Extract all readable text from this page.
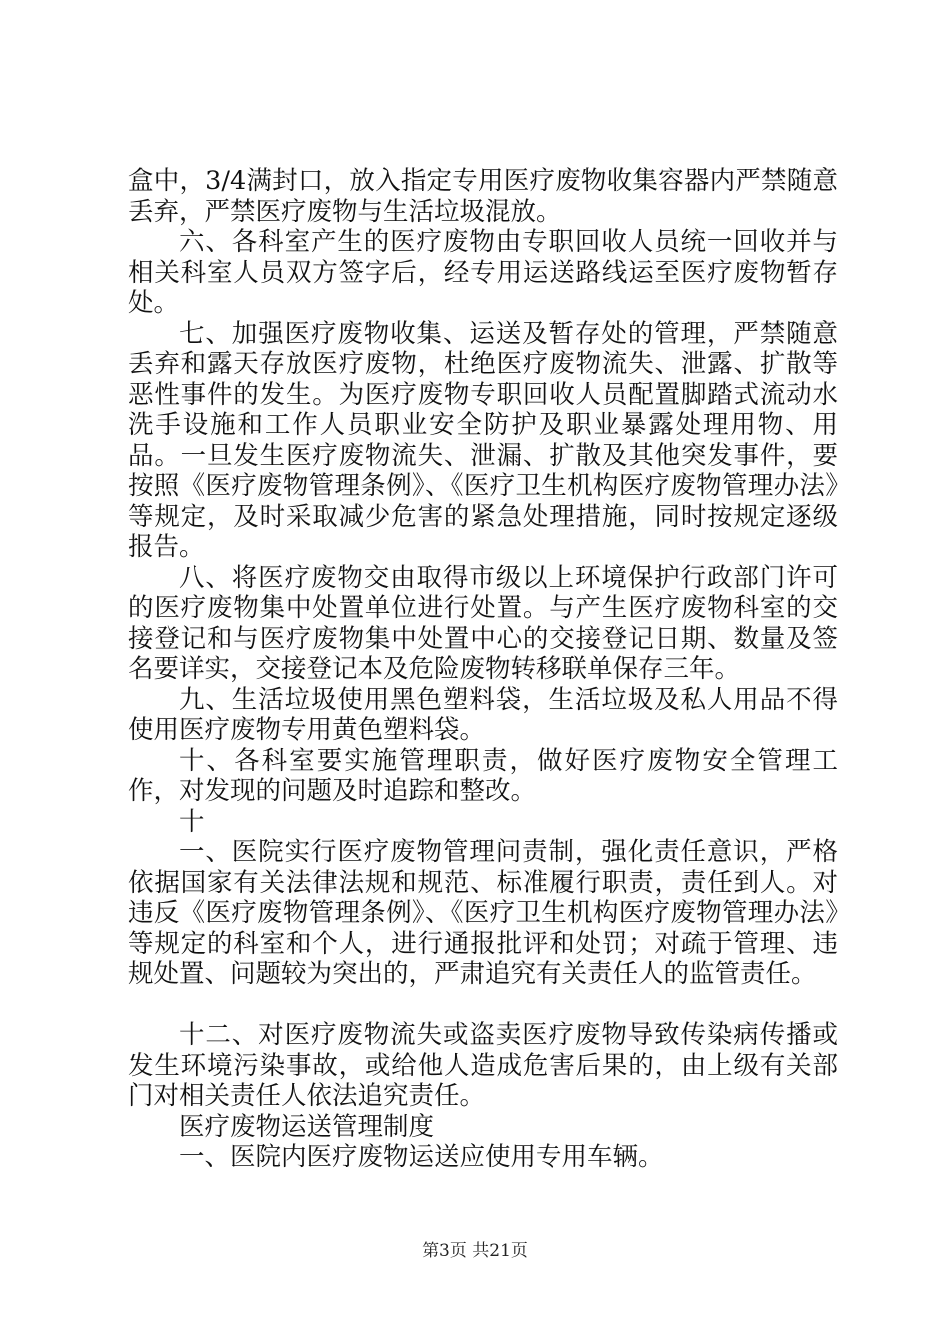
盒中，3/4满封口，放入指定专用医疗废物收集容器内严禁随意丢弃，严禁医疗废物与生活垃圾混放。

六、各科室产生的医疗废物由专职回收人员统一回收并与相关科室人员双方签字后，经专用运送路线运至医疗废物暂存处。

七、加强医疗废物收集、运送及暂存处的管理，严禁随意丢弃和露天存放医疗废物，杜绝医疗废物流失、泄露、扩散等恶性事件的发生。为医疗废物专职回收人员配置脚踏式流动水洗手设施和工作人员职业安全防护及职业暴露处理用物、用品。一旦发生医疗废物流失、泄漏、扩散及其他突发事件，要按照《医疗废物管理条例》、《医疗卫生机构医疗废物管理办法》等规定，及时采取减少危害的紧急处理措施，同时按规定逐级报告。

八、将医疗废物交由取得市级以上环境保护行政部门许可的医疗废物集中处置单位进行处置。与产生医疗废物科室的交接登记和与医疗废物集中处置中心的交接登记日期、数量及签名要详实，交接登记本及危险废物转移联单保存三年。

九、生活垃圾使用黑色塑料袋，生活垃圾及私人用品不得使用医疗废物专用黄色塑料袋。

十、各科室要实施管理职责，做好医疗废物安全管理工作，对发现的问题及时追踪和整改。

十

一、医院实行医疗废物管理问责制，强化责任意识，严格依据国家有关法律法规和规范、标准履行职责，责任到人。对违反《医疗废物管理条例》、《医疗卫生机构医疗废物管理办法》等规定的科室和个人，进行通报批评和处罚；对疏于管理、违规处置、问题较为突出的，严肃追究有关责任人的监管责任。

十二、对医疗废物流失或盗卖医疗废物导致传染病传播或发生环境污染事故，或给他人造成危害后果的，由上级有关部门对相关责任人依法追究责任。

医疗废物运送管理制度

一、医院内医疗废物运送应使用专用车辆。

第3页 共21页
